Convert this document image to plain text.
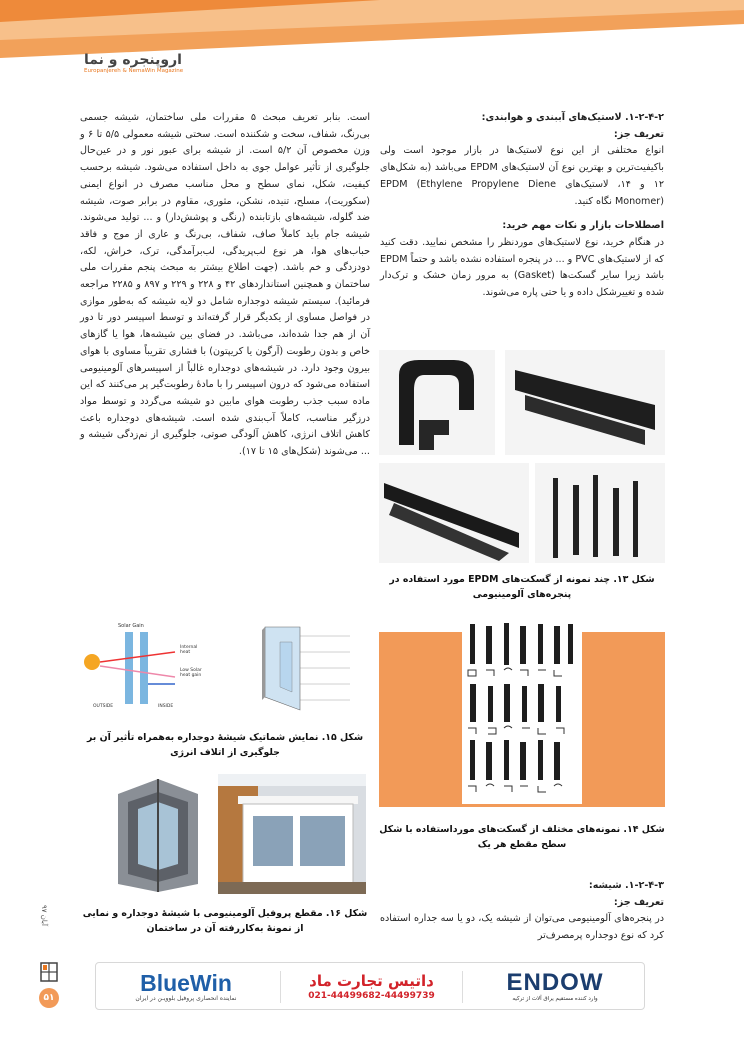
اروپنجره و نما
Europanjereh & NemaWin Magazine

۱-۲-۴-۲. لاستیک‌های آببندی و هوابندی:

تعریف جز:

انواع مختلفی از این نوع لاستیک‌ها در بازار موجود است ولی باکیفیت‌ترین و بهترین نوع آن لاستیک‌های EPDM می‌باشد (به شکل‌های ۱۲ و ۱۴، لاستیک‌های EPDM (Ethylene Propylene Diene Monomer) نگاه کنید.

اصطلاحات بازار و نکات مهم خرید:

در هنگام خرید، نوع لاستیک‌های موردنظر را مشخص نمایید. دقت کنید که از لاستیک‌های PVC و ... در پنجره استفاده نشده باشد و حتماً EPDM باشد زیرا سایر گسکت‌ها (Gasket) به مرور زمان خشک و ترک‌دار شده و تغییرشکل داده و یا حتی پاره می‌شوند.

شکل ۱۳. چند نمونه از گسکت‌های EPDM مورد استفاده در پنجره‌های آلومینیومی
شکل ۱۴. نمونه‌های مختلف از گسکت‌های مورداستفاده با شکل سطح مقطع هر یک

۱-۲-۴-۳. شیشه:

تعریف جز:

در پنجره‌های آلومینیومی می‌توان از شیشه یک، دو یا سه جداره استفاده کرد که نوع دوجداره پرمصرف‌تر

است. بنابر تعریف مبحث ۵ مقررات ملی ساختمان، شیشه جسمی بی‌رنگ، شفاف، سخت و شکننده است. سختی شیشه معمولی ۵/۵ تا ۶ و وزن مخصوص آن ۵/۲ است. از شیشه برای عبور نور و در عین‌حال جلوگیری از تأثیر عوامل جوی به داخل استفاده می‌شود. شیشه برحسب کیفیت، شکل، نمای سطح و محل مناسب مصرف در انواع ایمنی (سکوریت)، مسلح، تنیده، نشکن، مثوری، مقاوم در برابر صوت، شیشه ضد گلوله، شیشه‌های بازتابنده (رنگی و پوشش‌دار) و ... تولید می‌شوند. شیشه جام باید کاملاً صاف، شفاف، بی‌رنگ و عاری از موج و فاقد حباب‌های هوا، هر نوع لب‌پریدگی، لب‌برآمدگی، ترک، خراش، لکه، دودزدگی و خم باشد. (جهت اطلاع بیشتر به مبحث پنجم مقررات ملی ساختمان و همچنین استانداردهای ۴۲ و ۲۲۸ و ۲۲۹ و ۸۹۷ و ۲۲۸۵ مراجعه فرمائید). سیستم شیشه دوجداره شامل دو لایه شیشه که به‌طور موازی در فواصل مساوی از یکدیگر قرار گرفته‌اند و توسط اسپیسر دور تا دور آن از هم جدا شده‌اند، می‌باشد. در فضای بین شیشه‌ها، هوا یا گازهای خاص و بدون رطوبت (آرگون یا کریپتون) با فشاری تقریباً مساوی با هوای بیرون وجود دارد. در شیشه‌های دوجداره غالباً از اسپیسرهای آلومینیومی استفاده می‌شود که درون اسپیسر را با مادۀ رطوبت‌گیر پر می‌کنند که این ماده سبب جذب رطوبت هوای مابین دو شیشه می‌گردد و توسط مواد درزگیر مناسب، کاملاً آب‌بندی شده است. شیشه‌های دوجداره باعث کاهش اتلاف انرژی، کاهش آلودگی صوتی، جلوگیری از نم‌زدگی شیشه و ... می‌شوند (شکل‌های ۱۵ تا ۱۷).

Solar Gain
Internal heat
Low Solar heat gain
OUTSIDE	INSIDE
شکل ۱۵. نمایش شماتیک شیشۀ دوجداره به‌همراه تأثیر آن بر جلوگیری از اتلاف انرژی
شکل ۱۶. مقطع پروفیل آلومینیومی با شیشۀ دوجداره و نمایی از نمونۀ به‌کاررفته آن در ساختمان
آبان ۹۷
۵۱
BlueWin
نماینده انحصاری پروفیل بلوویـن در ایران
داتیس تجارت ماد
021-44499682-44499739	ENDOW
وارد کننده مستقیم یراق آلات از ترکیه
